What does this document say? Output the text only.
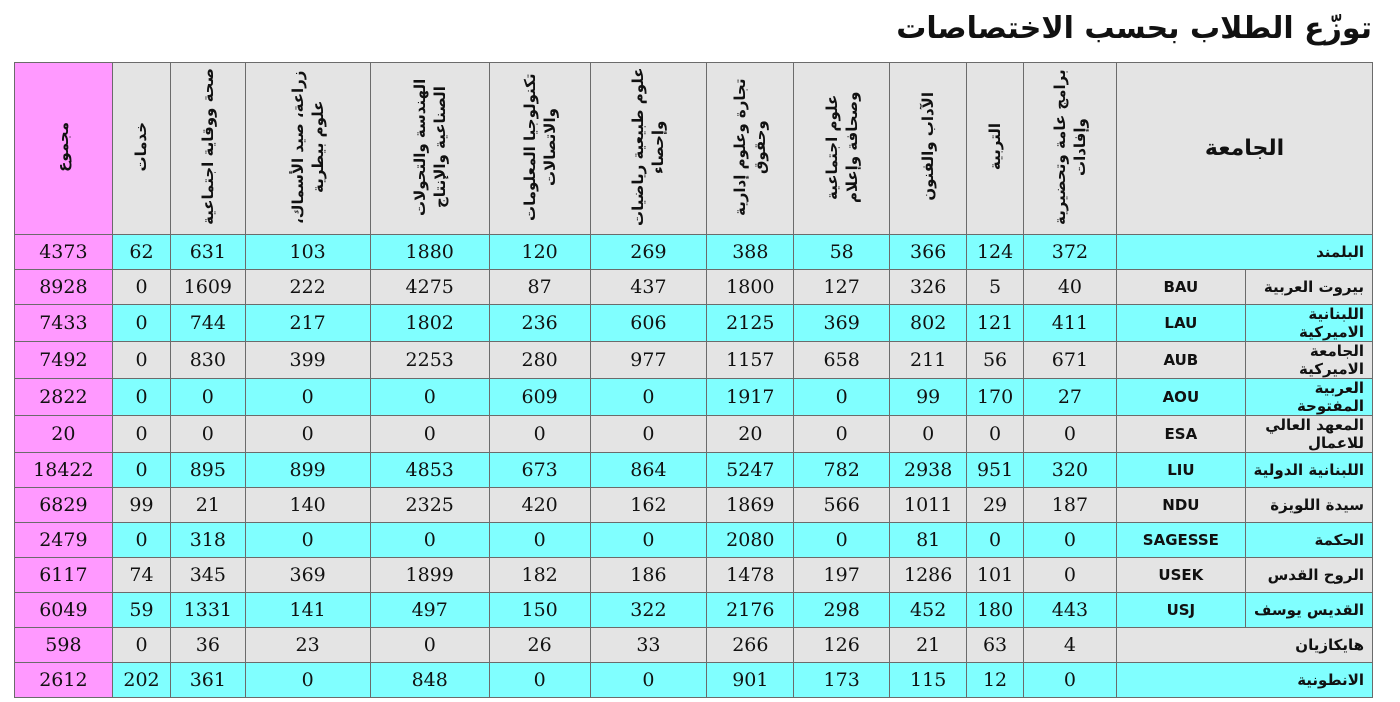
توزّع الطلاب بحسب الاختصاصات
الجامعة		برامج عامة وتحضيرية وإفادات	التربية	الآداب والفنون	علوم اجتماعية وصحافة وإعلام	تجارة وعلوم إدارية وحقوق	علوم طبيعية رياضيات وإحصاء	تكنولوجيا المعلومات والاتصالات	الهندسة والتحولات الصناعية والإنتاج	زراعة، صيد الأسماك، علوم بيطرية	صحة ووقاية اجتماعية	خدمات	مجموع
البلمند		372	124	366	58	388	269	120	1880	103	631	62	4373
بيروت العربية	BAU	40	5	326	127	1800	437	87	4275	222	1609	0	8928
اللبنانية الاميركية	LAU	411	121	802	369	2125	606	236	1802	217	744	0	7433
الجامعة الاميركية	AUB	671	56	211	658	1157	977	280	2253	399	830	0	7492
العربية المفتوحة	AOU	27	170	99	0	1917	0	609	0	0	0	0	2822
المعهد العالي للاعمال	ESA	0	0	0	0	20	0	0	0	0	0	0	20
اللبنانية الدولية	LIU	320	951	2938	782	5247	864	673	4853	899	895	0	18422
سيدة اللويزة	NDU	187	29	1011	566	1869	162	420	2325	140	21	99	6829
الحكمة	SAGESSE	0	0	81	0	2080	0	0	0	0	318	0	2479
الروح القدس	USEK	0	101	1286	197	1478	186	182	1899	369	345	74	6117
القديس يوسف	USJ	443	180	452	298	2176	322	150	497	141	1331	59	6049
هايكازيان		4	63	21	126	266	33	26	0	23	36	0	598
الانطونية		0	12	115	173	901	0	0	848	0	361	202	2612
